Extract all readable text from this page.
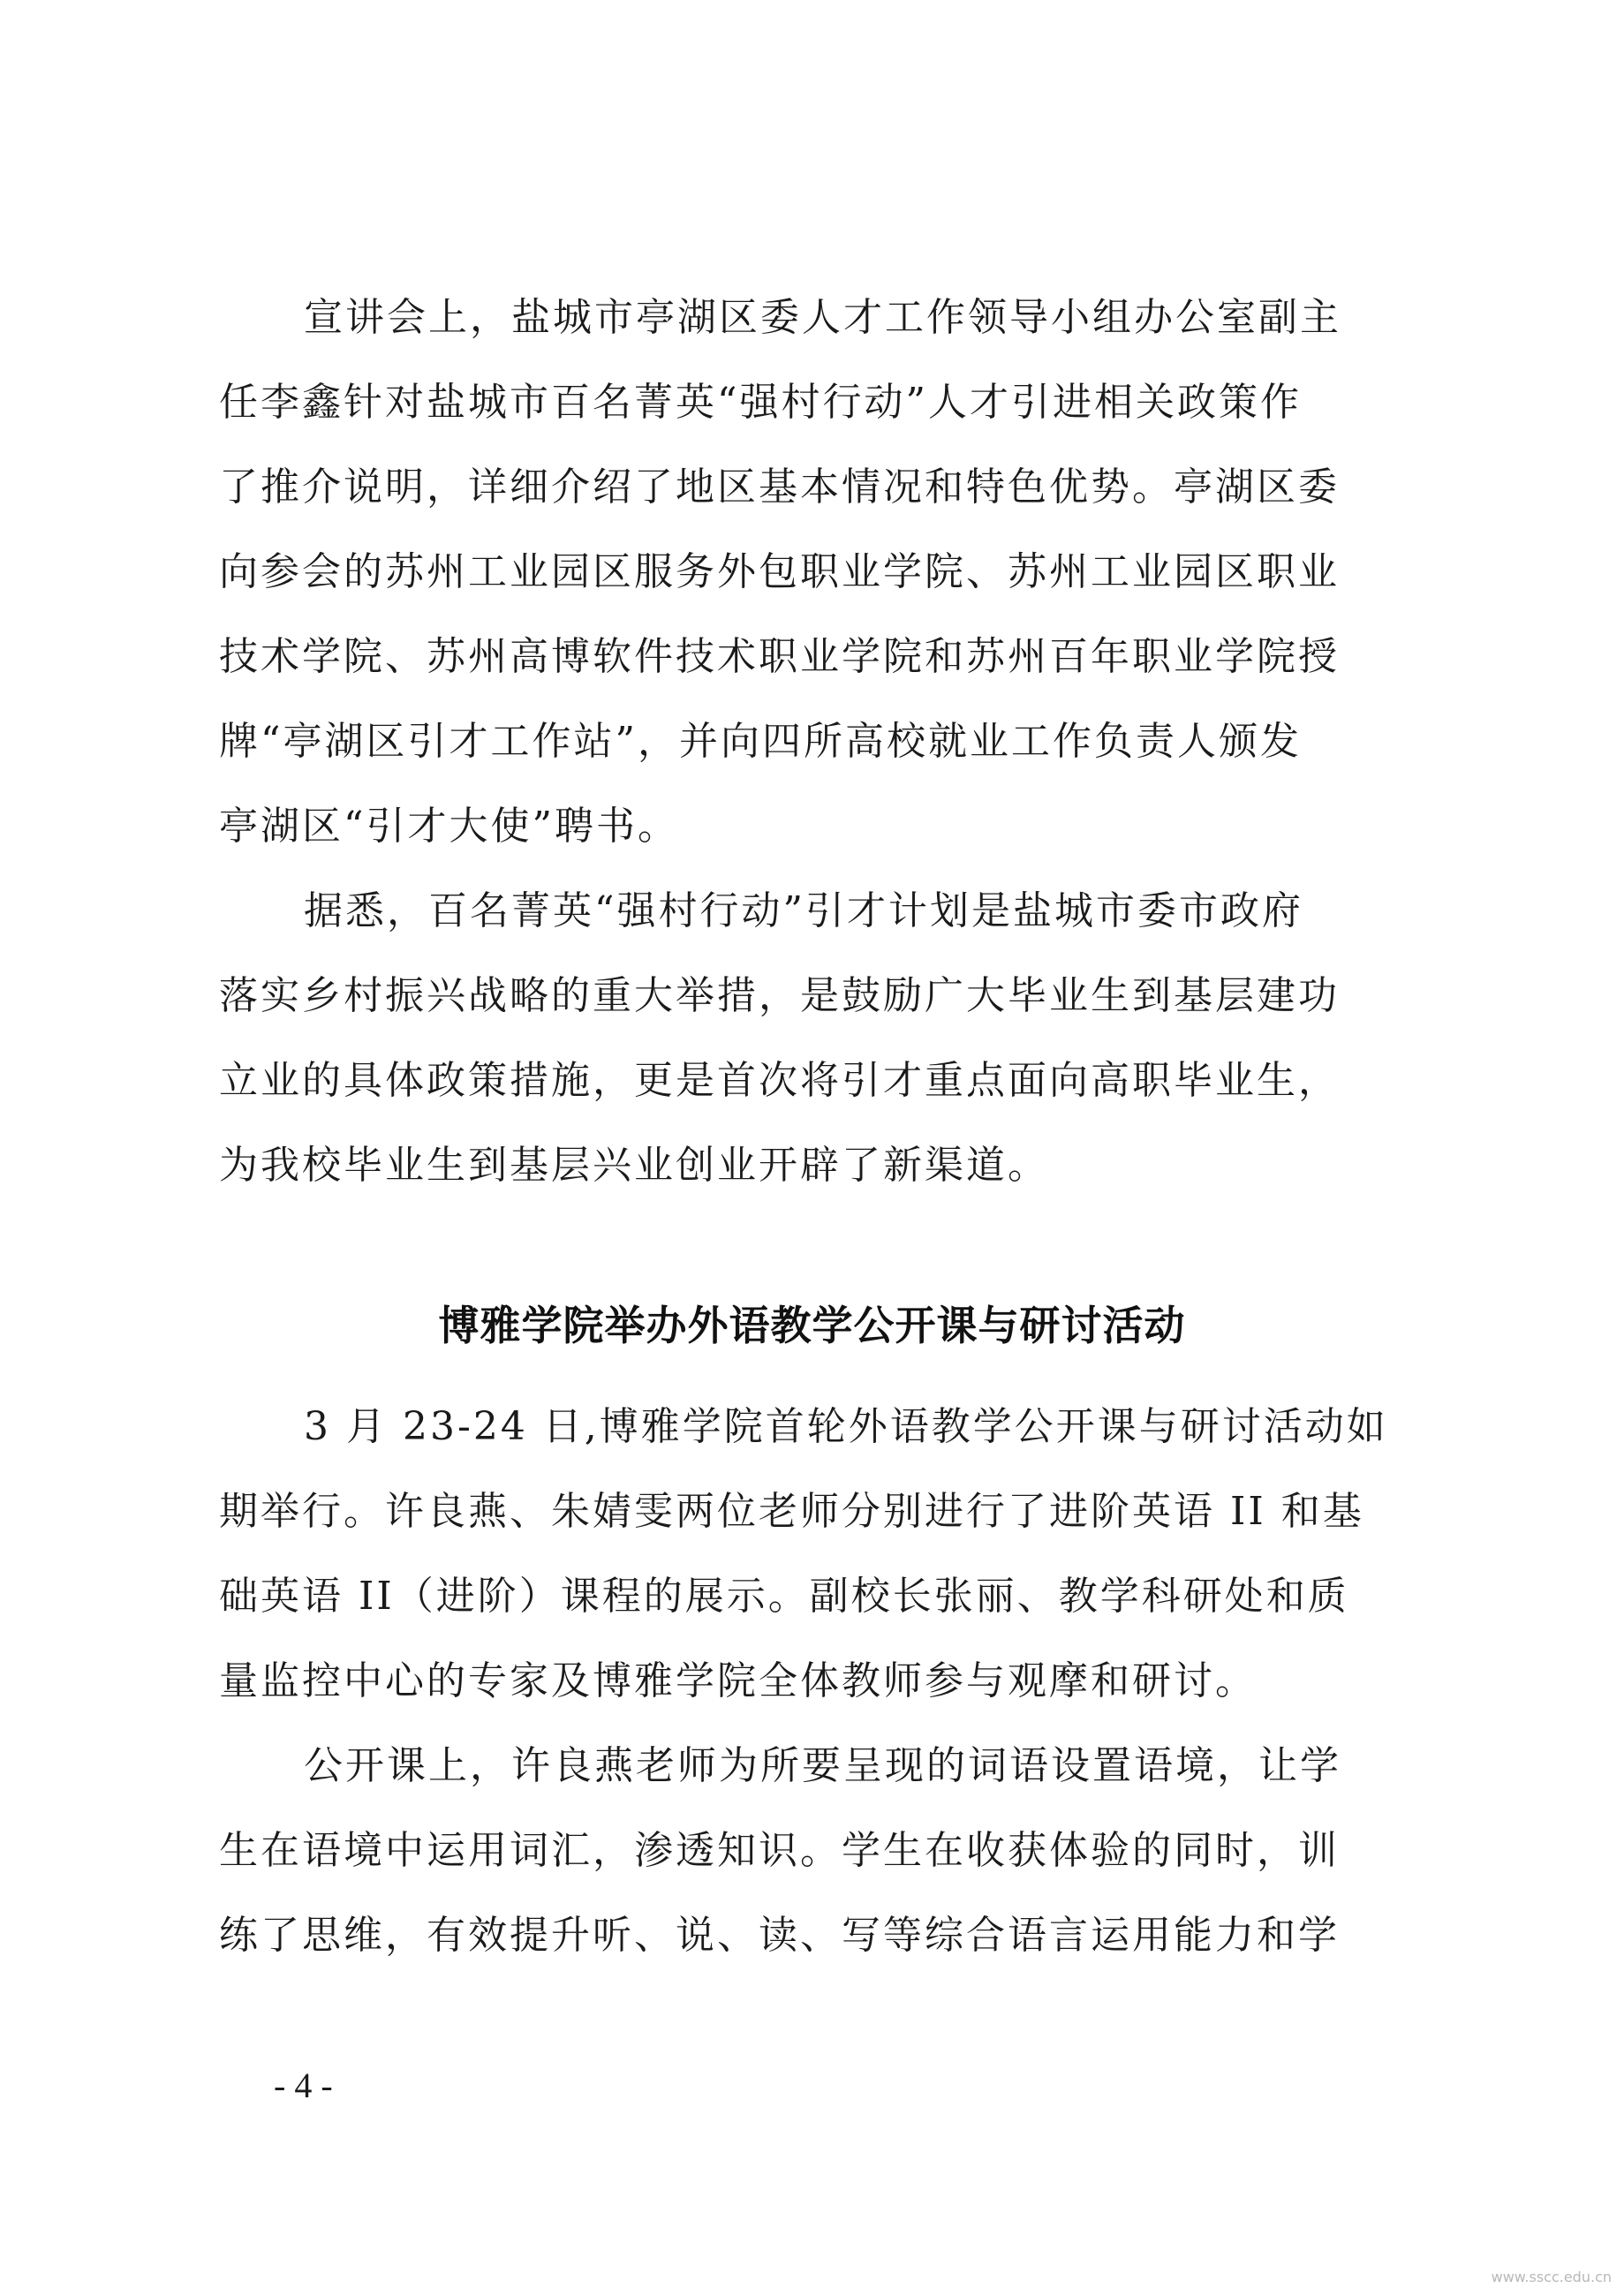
宣讲会上，盐城市亭湖区委人才工作领导小组办公室副主
任李鑫针对盐城市百名菁英“强村行动”人才引进相关政策作
了推介说明，详细介绍了地区基本情况和特色优势。亭湖区委
向参会的苏州工业园区服务外包职业学院、苏州工业园区职业
技术学院、苏州高博软件技术职业学院和苏州百年职业学院授
牌“亭湖区引才工作站”，并向四所高校就业工作负责人颁发
亭湖区“引才大使”聘书。
据悉，百名菁英“强村行动”引才计划是盐城市委市政府
落实乡村振兴战略的重大举措，是鼓励广大毕业生到基层建功
立业的具体政策措施，更是首次将引才重点面向高职毕业生，
为我校毕业生到基层兴业创业开辟了新渠道。
博雅学院举办外语教学公开课与研讨活动
3 月 23-24 日,博雅学院首轮外语教学公开课与研讨活动如
期举行。许良燕、朱婧雯两位老师分别进行了进阶英语 II 和基
础英语 II（进阶）课程的展示。副校长张丽、教学科研处和质
量监控中心的专家及博雅学院全体教师参与观摩和研讨。
公开课上，许良燕老师为所要呈现的词语设置语境，让学
生在语境中运用词汇，渗透知识。学生在收获体验的同时，训
练了思维，有效提升听、说、读、写等综合语言运用能力和学
- 4 -
www.sscc.edu.cn
